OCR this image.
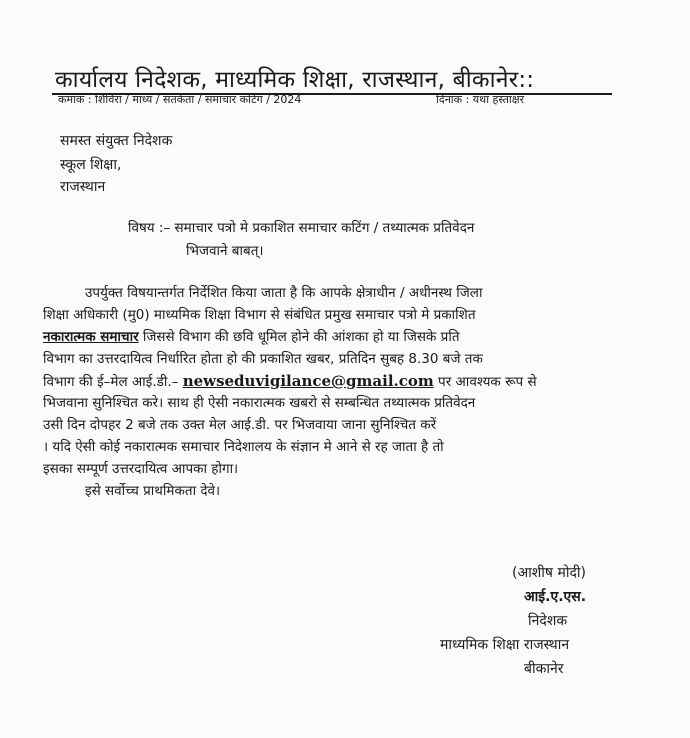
कार्यालय निदेशक, माध्यमिक शिक्षा, राजस्थान, बीकानेर::
कमांक : शिविरा / माध्य / सतर्कता / समाचार कटिंग / 2024	दिनांक : यथा हस्ताक्षर
समस्त संयुक्त निदेशक
स्कूल शिक्षा,
राजस्थान
विषय :– समाचार पत्रो मे प्रकाशित समाचार कटिंग / तथ्यात्मक प्रतिवेदन
भिजवाने बाबत्।
उपर्युक्त विषयान्तर्गत निर्देशित किया जाता है कि आपके क्षेत्राधीन / अधीनस्थ जिला
शिक्षा अधिकारी (मु0) माध्यमिक शिक्षा विभाग से संबंधित प्रमुख समाचार पत्रो मे प्रकाशित
नकारात्मक समाचार जिससे विभाग की छवि धूमिल होने की आंशका हो या जिसके प्रति
विभाग का उत्तरदायित्व निर्धारित होता हो की प्रकाशित खबर, प्रतिदिन सुबह 8.30 बजे तक
विभाग की ई–मेल आई.डी.– newseduvigilance@gmail.com पर आवश्यक रूप से
भिजवाना सुनिश्चित करे। साथ ही ऐसी नकारात्मक खबरो से सम्बन्धित तथ्यात्मक प्रतिवेदन
उसी दिन दोपहर 2 बजे तक उक्त मेल आई.डी. पर भिजवाया जाना सुनिश्चित करें
। यदि ऐसी कोई नकारात्मक समाचार निदेशालय के संज्ञान मे आने से रह जाता है तो
इसका सम्पूर्ण उत्तरदायित्व आपका होगा।
इसे सर्वोच्च प्राथमिकता देवे।
(आशीष मोदी)
आई.ए.एस.
निदेशक
माध्यमिक शिक्षा राजस्थान
बीकानेर
